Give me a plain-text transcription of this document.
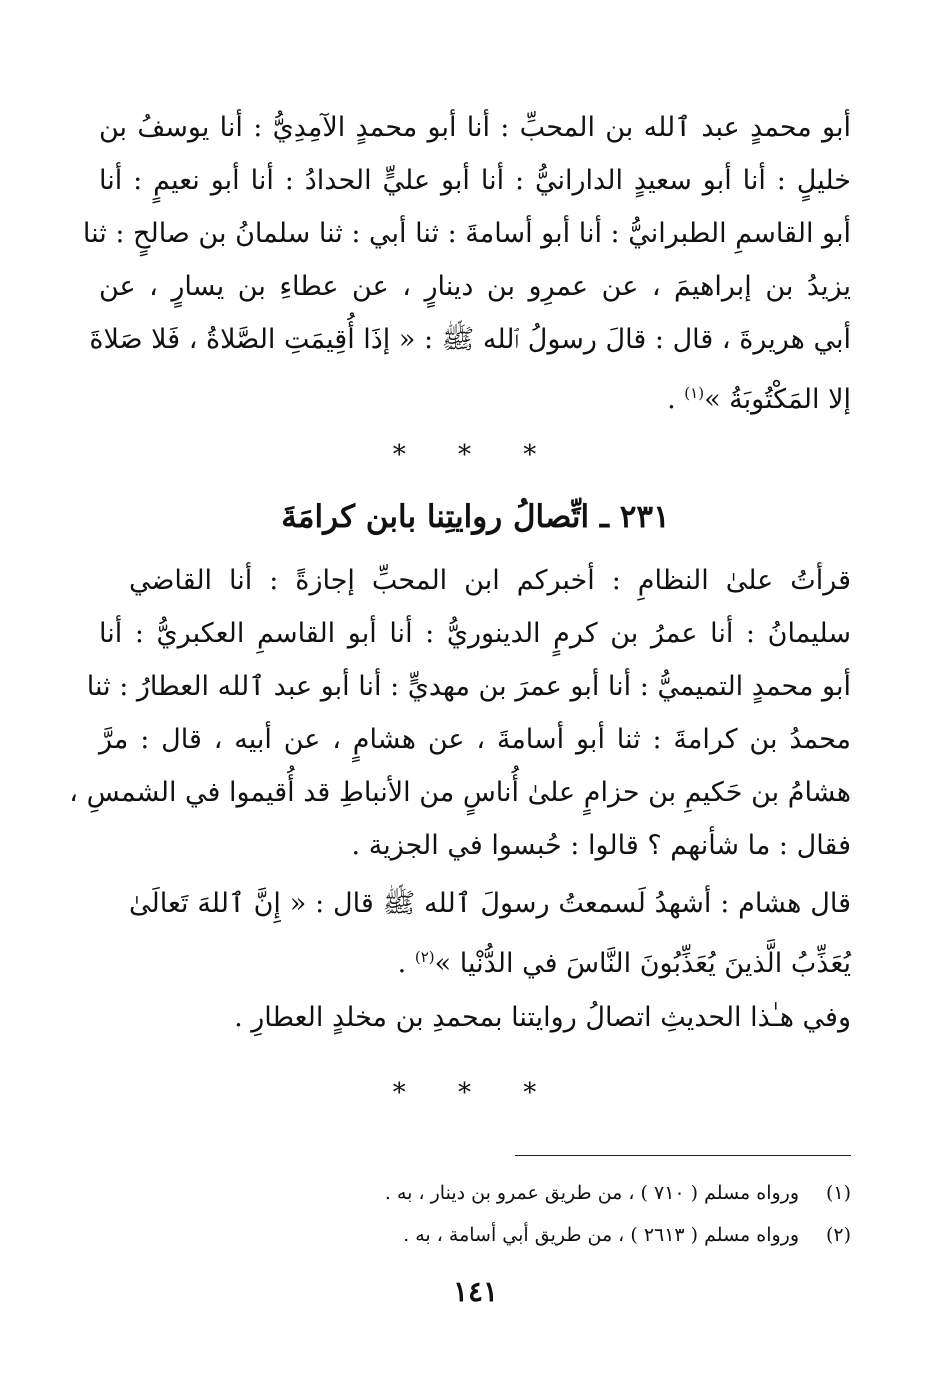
أبو محمدٍ عبد ٱلله بن المحبِّ : أنا أبو محمدٍ الآمِدِيُّ : أنا يوسفُ بن
خليلٍ : أنا أبو سعيدٍ الدارانيُّ : أنا أبو عليٍّ الحدادُ : أنا أبو نعيمٍ : أنا
أبو القاسمِ الطبرانيُّ : أنا أبو أسامةَ : ثنا أبي : ثنا سلمانُ بن صالحٍ : ثنا
يزيدُ بن إبراهيمَ ، عن عمرِو بن دينارٍ ، عن عطاءِ بن يسارٍ ، عن
أبي هريرةَ ، قال : قالَ رسولُ ٱلله ﷺ : « إذَا أُقِيمَتِ الصَّلاةُ ، فَلا صَلاةَ
إلا المَكْتُوبَةُ »$^{(١)}$ .
* * *
٢٣١ ـ اتِّصالُ روايتِنا بابن كرامَةَ
قرأتُ علىٰ النظامِ : أخبركم ابن المحبِّ إجازةً : أنا القاضي
سليمانُ : أنا عمرُ بن كرمٍ الدينوريُّ : أنا أبو القاسمِ العكبريُّ : أنا
أبو محمدٍ التميميُّ : أنا أبو عمرَ بن مهديٍّ : أنا أبو عبد ٱلله العطارُ : ثنا
محمدُ بن كرامةَ : ثنا أبو أسامةَ ، عن هشامٍ ، عن أبيه ، قال : مرَّ
هشامُ بن حَكيمِ بن حزامٍ علىٰ أُناسٍ من الأنباطِ قد أُقيموا في الشمسِ ،
فقال : ما شأنهم ؟ قالوا : حُبسوا في الجزية .
قال هشام : أشهدُ لَسمعتُ رسولَ ٱلله ﷺ قال : « إِنَّ ٱللهَ تَعالَىٰ
يُعَذِّبُ الَّذينَ يُعَذِّبُونَ النَّاسَ في الدُّنْيا »$^{(٢)}$ .
وفي هـٰذا الحديثِ اتصالُ روايتنا بمحمدِ بن مخلدٍ العطارِ .
* * *
(١)ورواه مسلم ( ٧١٠ ) ، من طريق عمرو بن دينار ، به .
(٢)ورواه مسلم ( ٢٦١٣ ) ، من طريق أبي أسامة ، به .
١٤١
